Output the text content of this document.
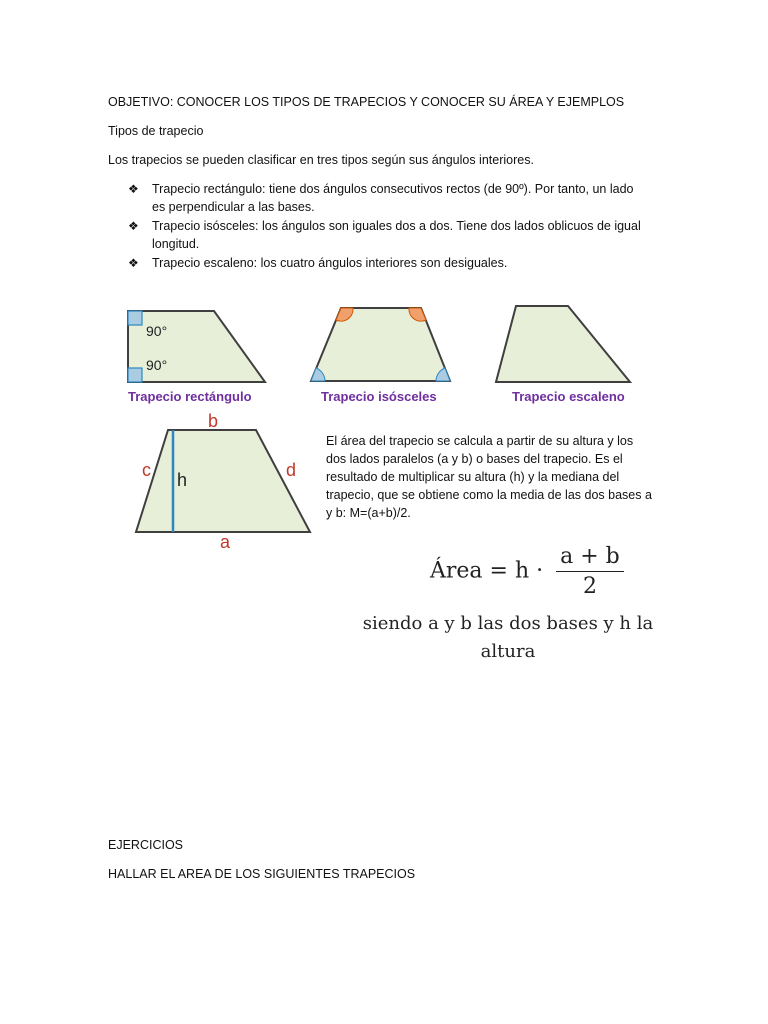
OBJETIVO: CONOCER LOS TIPOS DE TRAPECIOS Y CONOCER SU ÁREA Y EJEMPLOS
Tipos de trapecio
Los trapecios se pueden clasificar en tres tipos según sus ángulos interiores.
❖ Trapecio rectángulo: tiene dos ángulos consecutivos rectos (de 90º). Por tanto, un lado es perpendicular a las bases.
❖ Trapecio isósceles: los ángulos son iguales dos a dos. Tiene dos lados oblicuos de igual longitud.
❖ Trapecio escaleno: los cuatro ángulos interiores son desiguales.
90°
90°
Trapecio rectángulo	Trapecio isósceles	Trapecio escaleno
b
a
c	d
h
El área del trapecio se calcula a partir de su altura y los dos lados paralelos (a y b) o bases del trapecio. Es el resultado de multiplicar su altura (h) y la mediana del trapecio, que se obtiene como la media de las dos bases a y b: M=(a+b)/2.
Área = $h \cdot \frac{a + b}{2}$
siendo a y b las dos bases y h la altura
EJERCICIOS
HALLAR EL AREA DE LOS SIGUIENTES TRAPECIOS
